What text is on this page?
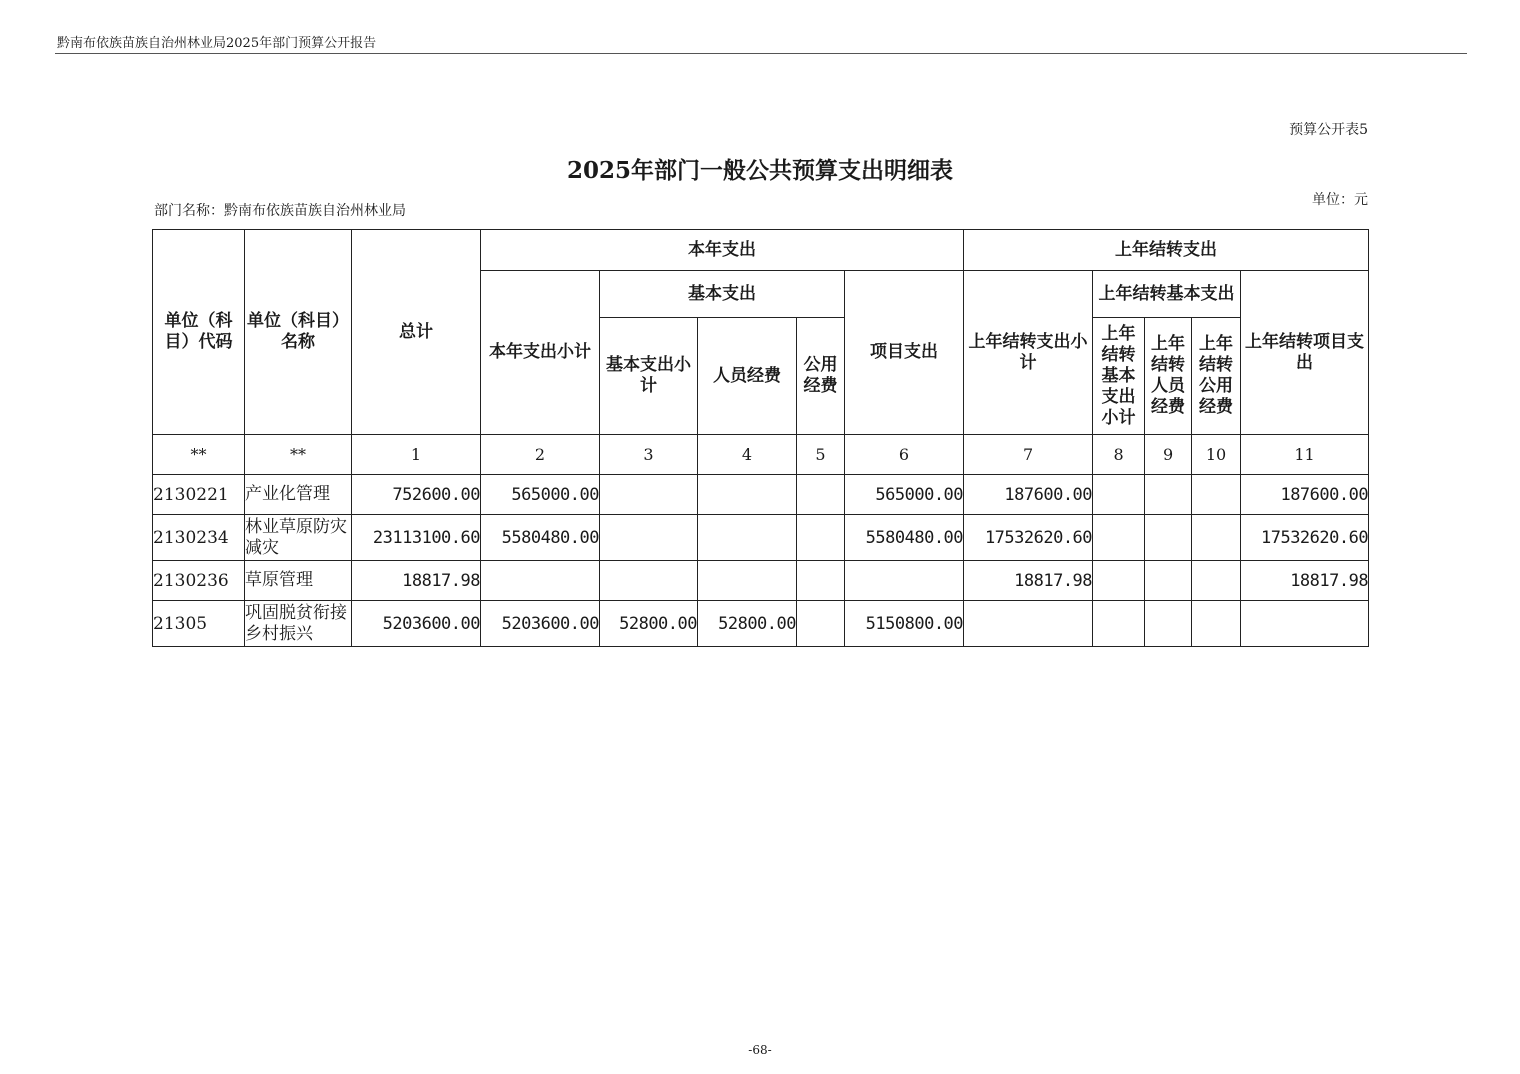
黔南布依族苗族自治州林业局2025年部门预算公开报告
预算公开表5
2025年部门一般公共预算支出明细表
单位：元
部门名称：黔南布依族苗族自治州林业局
单位（科目）代码	单位（科目）名称	总计	本年支出					上年结转支出				
			本年支出小计	基本支出			项目支出	上年结转支出小计	上年结转基本支出			上年结转项目支出
				基本支出小计	人员经费	公用经费			上年结转基本支出小计	上年结转人员经费	上年结转公用经费	
**	**	1	2	3	4	5	6	7	8	9	10	11
2130221	产业化管理	752600.00	565000.00				565000.00	187600.00				187600.00
2130234	林业草原防灾减灾	23113100.60	5580480.00				5580480.00	17532620.60				17532620.60
2130236	草原管理	18817.98						18817.98				18817.98
21305	巩固脱贫衔接乡村振兴	5203600.00	5203600.00	52800.00	52800.00		5150800.00					
-68-
